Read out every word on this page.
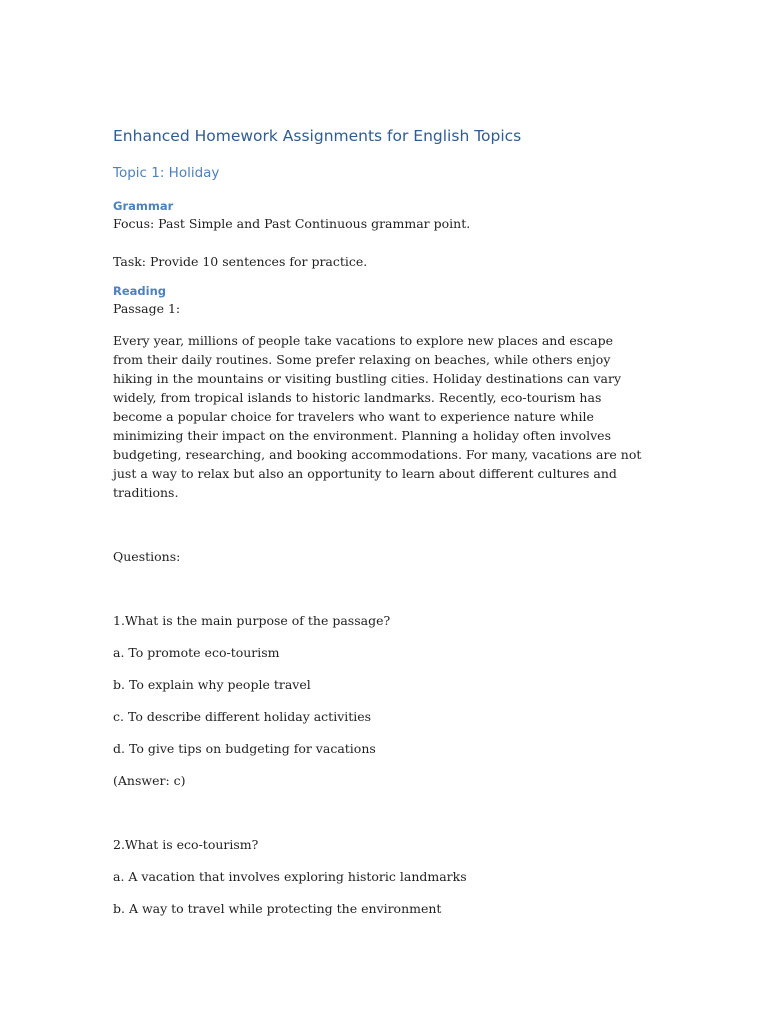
Enhanced Homework Assignments for English Topics
Topic 1: Holiday
Grammar
Focus: Past Simple and Past Continuous grammar point.
Task: Provide 10 sentences for practice.
Reading
Passage 1:
Every year, millions of people take vacations to explore new places and escape from their daily routines. Some prefer relaxing on beaches, while others enjoy hiking in the mountains or visiting bustling cities. Holiday destinations can vary widely, from tropical islands to historic landmarks. Recently, eco-tourism has become a popular choice for travelers who want to experience nature while minimizing their impact on the environment. Planning a holiday often involves budgeting, researching, and booking accommodations. For many, vacations are not just a way to relax but also an opportunity to learn about different cultures and traditions.
Questions:
1.What is the main purpose of the passage?
a. To promote eco-tourism
b. To explain why people travel
c. To describe different holiday activities
d. To give tips on budgeting for vacations
(Answer: c)
2.What is eco-tourism?
a. A vacation that involves exploring historic landmarks
b. A way to travel while protecting the environment
